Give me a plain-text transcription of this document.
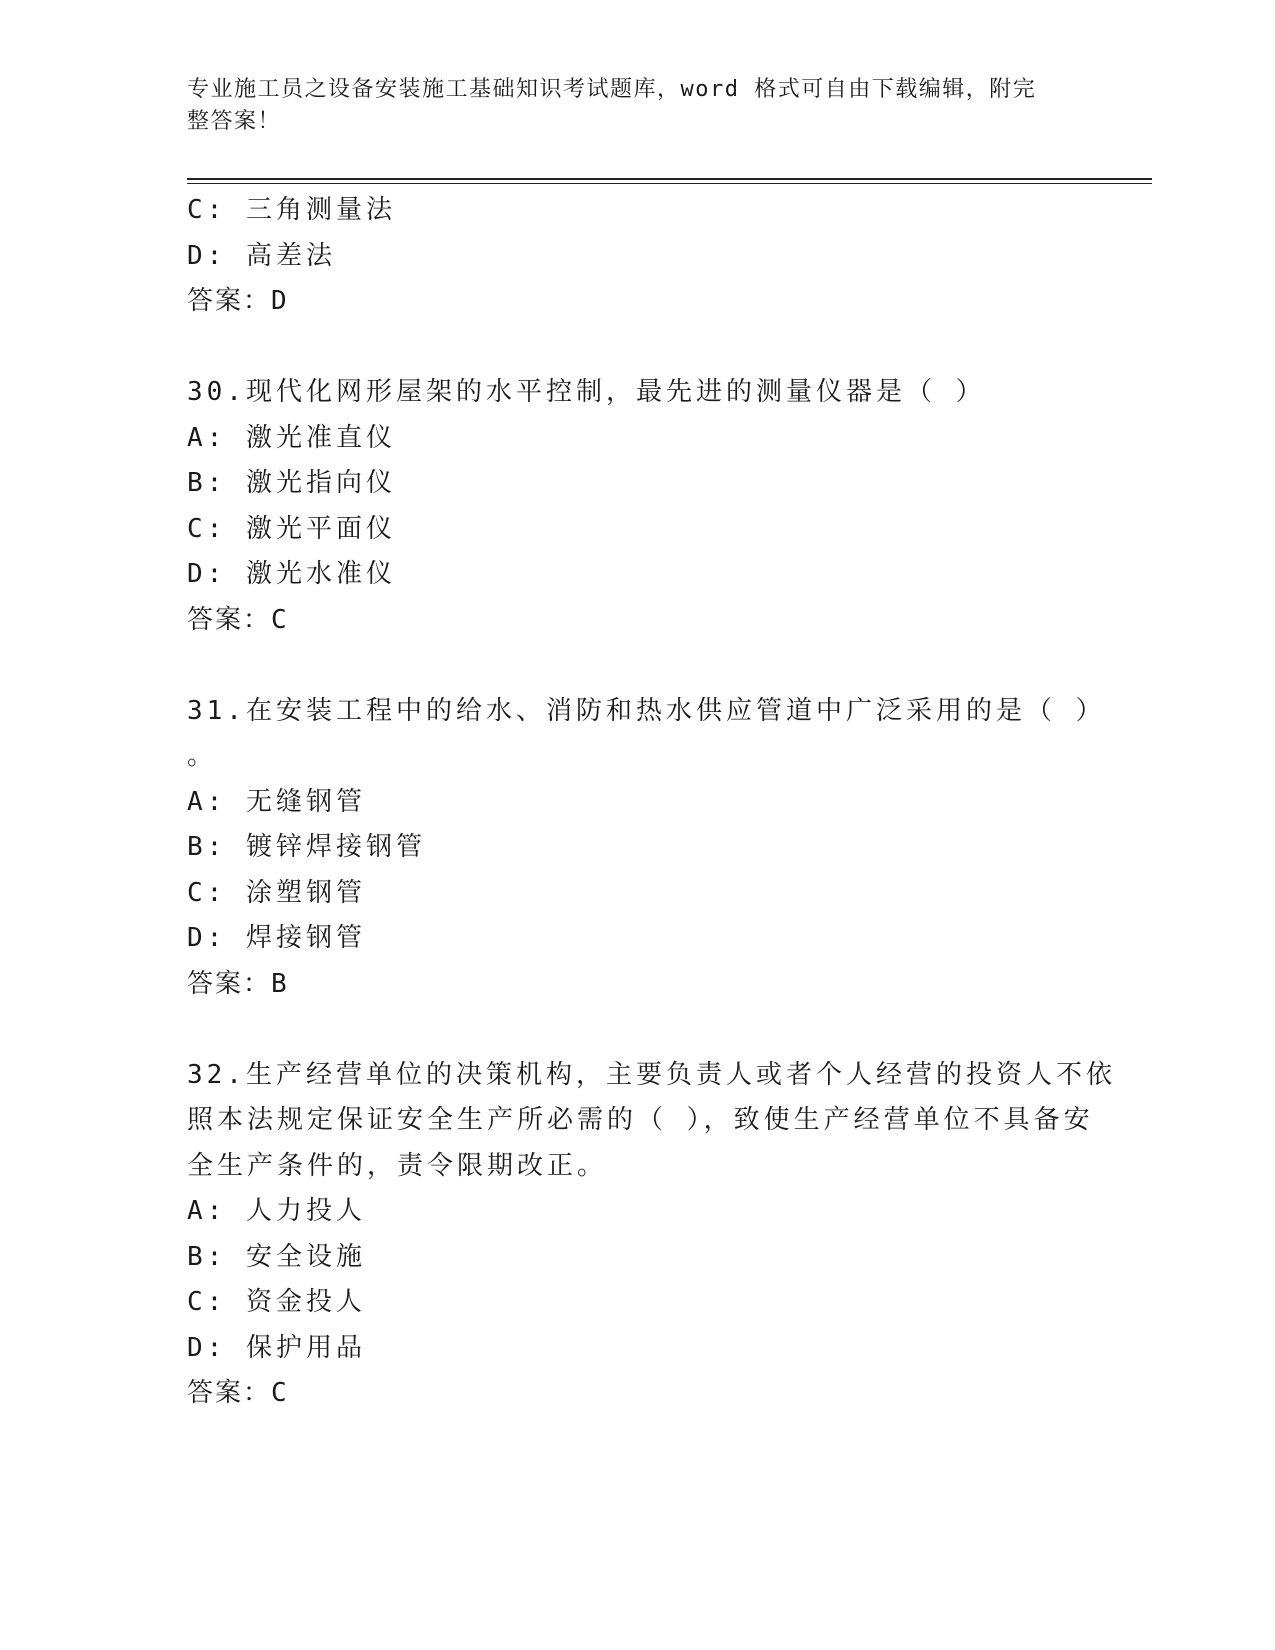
专业施工员之设备安装施工基础知识考试题库，word 格式可自由下载编辑，附完
整答案！
C: 三角测量法
D: 高差法
答案：D
30.现代化网形屋架的水平控制，最先进的测量仪器是（ ）
A: 激光准直仪
B: 激光指向仪
C: 激光平面仪
D: 激光水准仪
答案：C
31.在安装工程中的给水、消防和热水供应管道中广泛采用的是（ ）
。
A: 无缝钢管
B: 镀锌焊接钢管
C: 涂塑钢管
D: 焊接钢管
答案：B
32.生产经营单位的决策机构，主要负责人或者个人经营的投资人不依
照本法规定保证安全生产所必需的（ ），致使生产经营单位不具备安
全生产条件的，责令限期改正。
A: 人力投人
B: 安全设施
C: 资金投人
D: 保护用品
答案：C
